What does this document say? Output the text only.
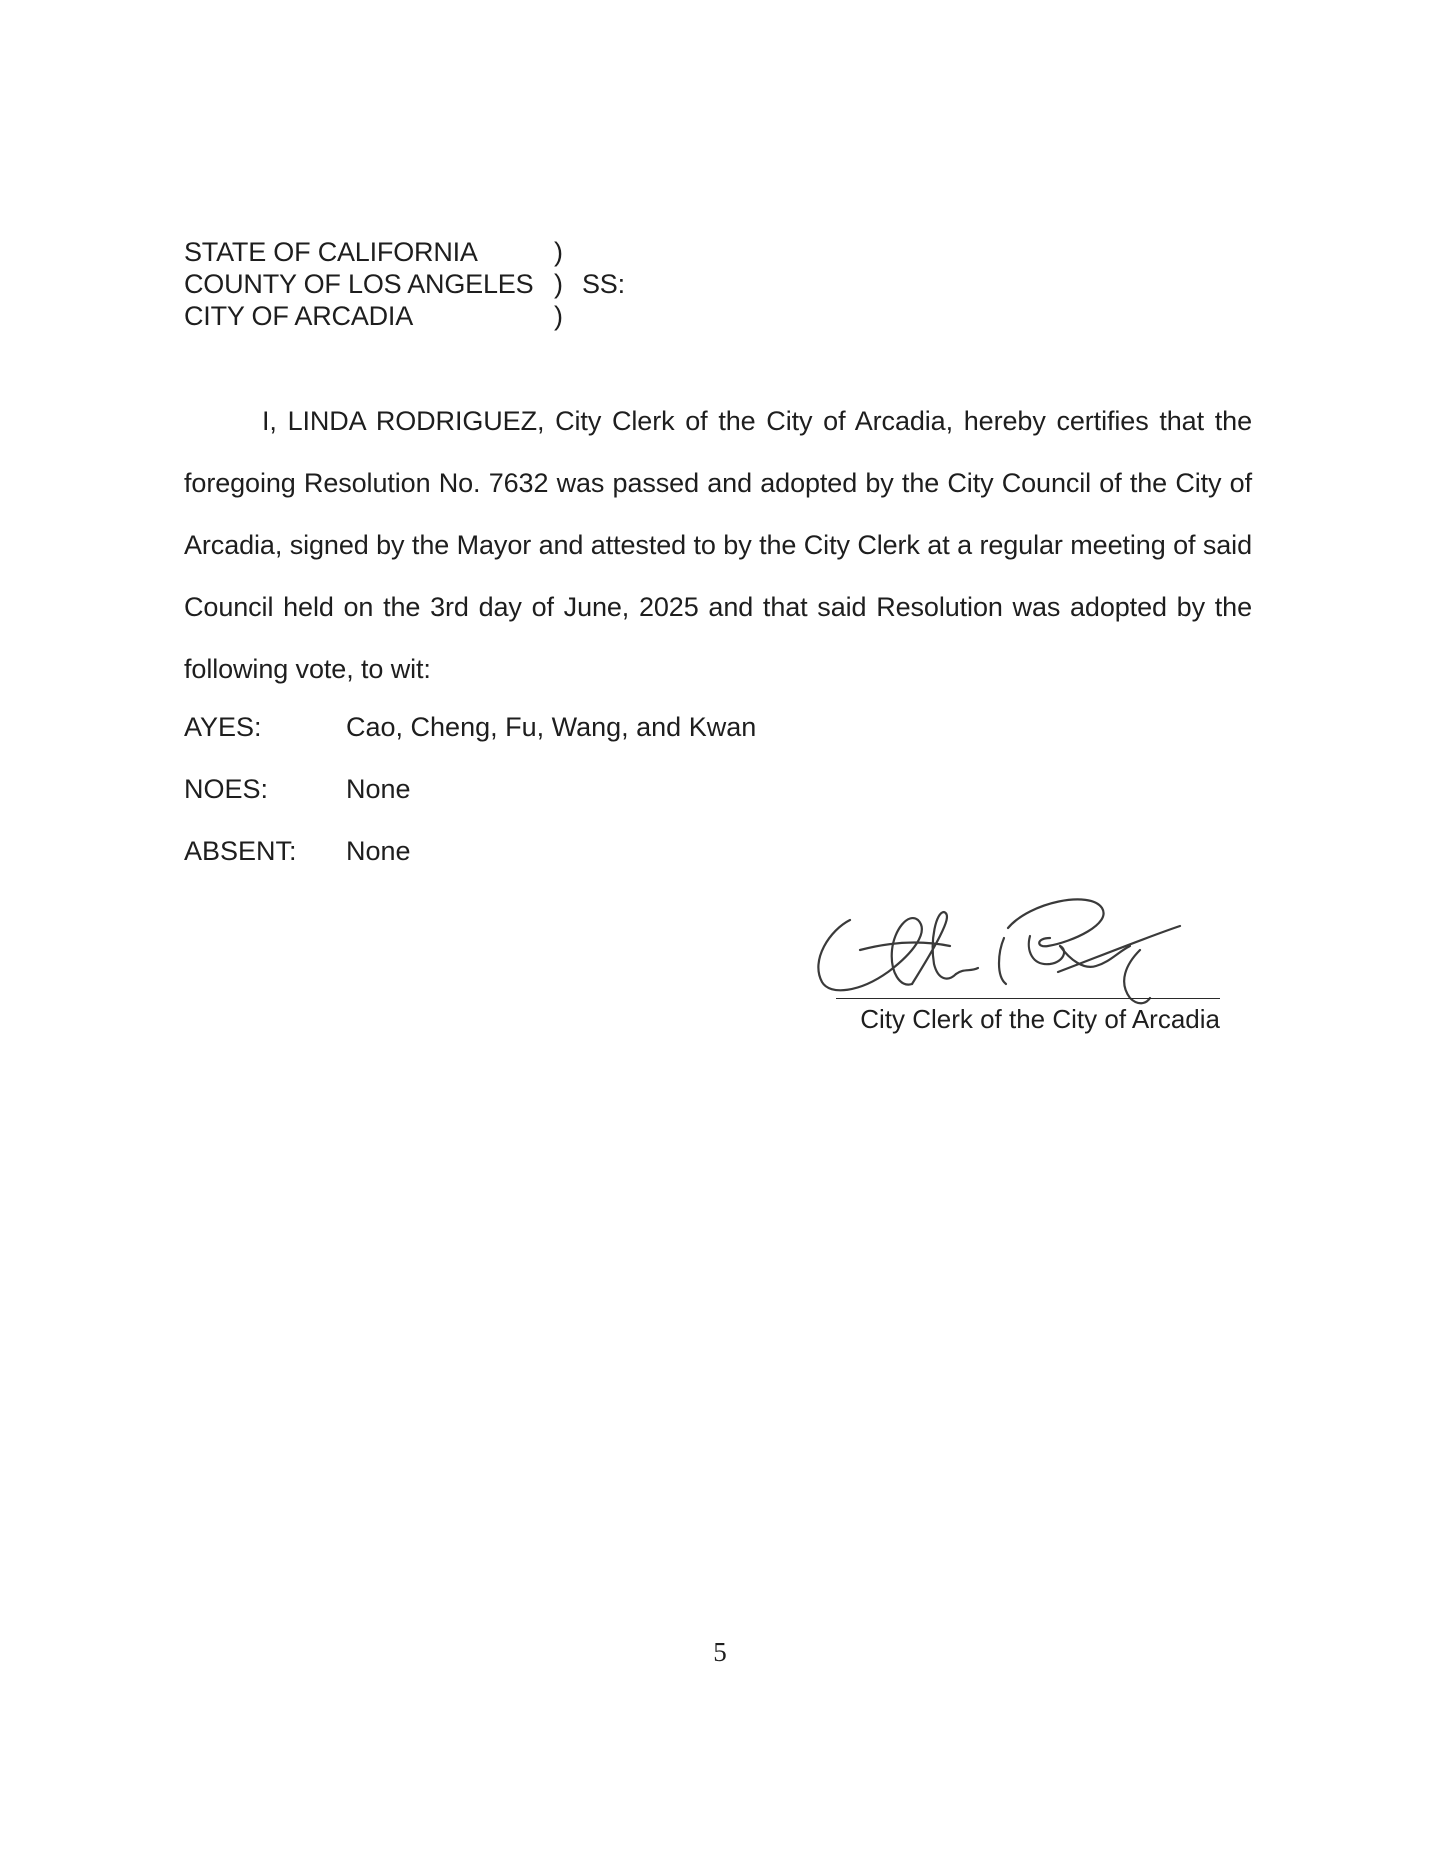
STATE OF CALIFORNIA	)
COUNTY OF LOS ANGELES ) SS:
CITY OF ARCADIA	)

I, LINDA RODRIGUEZ, City Clerk of the City of Arcadia, hereby certifies that the foregoing Resolution No. 7632 was passed and adopted by the City Council of the City of Arcadia, signed by the Mayor and attested to by the City Clerk at a regular meeting of said Council held on the 3rd day of June, 2025 and that said Resolution was adopted by the following vote, to wit:

AYES:	Cao, Cheng, Fu, Wang, and Kwan
NOES:	None
ABSENT: None
City Clerk of the City of Arcadia
5
